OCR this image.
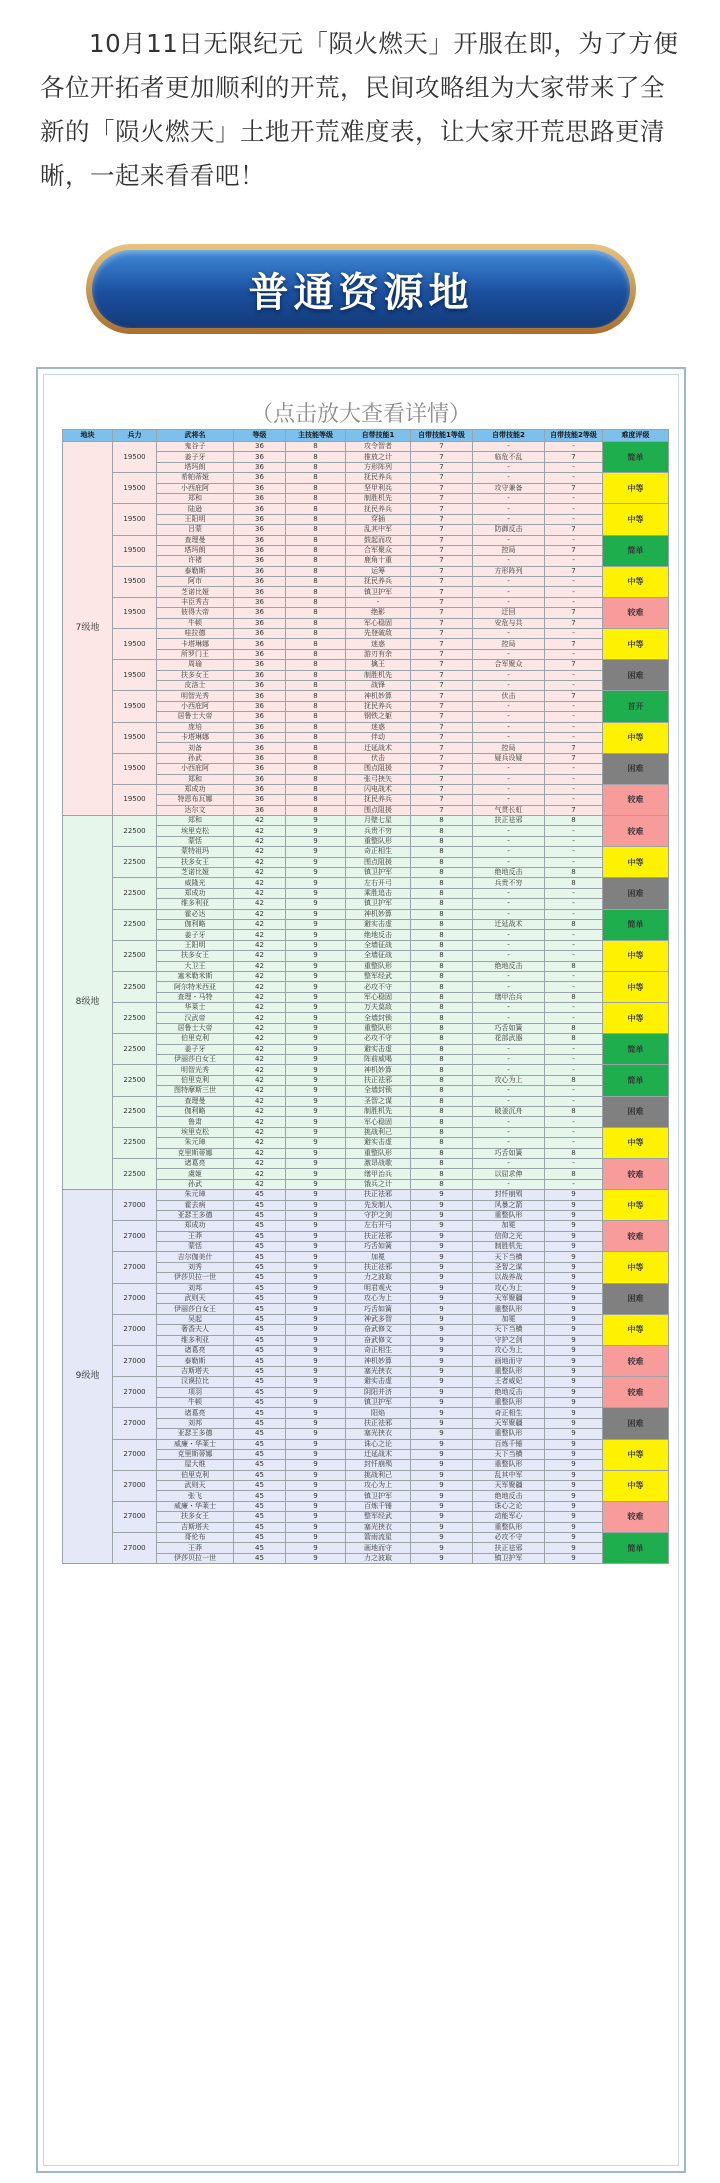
10月11日无限纪元「陨火燃天」开服在即，为了方便各位开拓者更加顺利的开荒，民间攻略组为大家带来了全新的「陨火燃天」土地开荒难度表，让大家开荒思路更清晰，一起来看看吧！
普通资源地
（点击放大查看详情）
地块	兵力	武将名	等级	主技能等级	自带技能1	自带技能1等级	自带技能2	自带技能2等级	难度评级
7级地	19500	鬼谷子	36	8	攻令智者	7	-	-	简单
		姜子牙	36	8	推放之计	7	临危不乱	7	
		塔玛朗	36	8	方形阵列	7	-	-	
	19500	希帕蒂娅	36	8	抚民养兵	7	-	-	中等
		小西庇阿	36	8	坚甲利兵	7	攻守兼备	7	
		郑和	36	8	制胜机先	7	-	-	
	19500	陆逊	36	8	抚民养兵	7	-	-	中等
		王阳明	36	8	穿插	7	-	-	
		吕蒙	36	8	乱其中军	7	防御反击	7	
	19500	查理曼	36	8	鼓起而攻	7	-	-	简单
		塔玛朗	36	8	合军聚众	7	控局	7	
		许褚	36	8	鹿角十重	7	-	-	
	19500	泰勒斯	36	8	运筹	7	方形阵列	7	中等
		阿市	36	8	抚民养兵	7	-	-	
		芝诺比娅	36	8	镇卫护军	7	-	-	
	19500	丰臣秀吉	36	8	-	7	-	-	较难
		彼得大帝	36	8	绝影	7	迂回	7	
		牛顿	36	8	军心稳固	7	安危与共	7	
	19500	哇拉德	36	8	先登破敌	7	-	-	中等
		卡塔琳娜	36	8	迷惑	7	控局	7	
		所罗门王	36	8	游刃有余	7	-	-	
	19500	周瑜	36	8	擒王	7	合军聚众	7	困难
		扶多女王	36	8	制胜机先	7	-	-	
		皮洛士	36	8	战锋	7	-	-	
	19500	明智光秀	36	8	神机妙算	7	伏击	7	首开
		小西庇阿	36	8	抚民养兵	7	-	-	
		居鲁士大帝	36	8	钢铁之躯	7	-	-	
	19500	庞培	36	8	迷惑	7	-	-	中等
		卡塔琳娜	36	8	伴动	7	-	-	
		刘备	36	8	迁延战术	7	控局	7	
	19500	孙武	36	8	伏击	7	疑兵设疑	7	困难
		小西庇阿	36	8	围点阻援	7	-	-	
		郑和	36	8	张弓挟矢	7	-	-	
	19500	郑成功	36	8	闪电战术	7	-	-	较难
		特恩布瓦娜	36	8	抚民养兵	7	-	-	
		达尔文	36	8	围点阻援	7	气贯长虹	7	
8级地	22500	郑和	42	9	月壁七星	8	扶正祛邪	8	较难
		埃里克松	42	9	兵贵不穷	8	-	-	
		蒙恬	42	9	重整队形	8	-	-	
	22500	蒙特祖玛	42	9	奇正相生	8	-	-	中等
		扶多女王	42	9	围点阻援	8	-	-	
		芝诺比娅	42	9	镇卫护军	8	绝地反击	8	
	22500	威隆光	42	9	左右开弓	8	兵贵不穷	8	困难
		郑成功	42	9	乘胜追击	8	-	-	
		维多利亚	42	9	镇卫护军	8	-	-	
	22500	霍必达	42	9	神机妙算	8	-	-	简单
		伽利略	42	9	避实击虚	8	迁延战术	8	
		姜子牙	42	9	绝地反击	8	-	-	
	22500	王阳明	42	9	全墙征战	8	-	-	中等
		扶多女王	42	9	全墙征战	8	-	-	
		大卫王	42	9	重整队形	8	绝地反击	8	
	22500	塞米勒米斯	42	9	整军经武	8	-	-	中等
		阿尔特米西亚	42	9	必攻不守	8	-	-	
		查理・马特	42	9	军心稳固	8	缮甲治兵	8	
	22500	华莱士	42	9	万夫莫敌	8	-	-	中等
		汉武帝	42	9	全墙封锁	8	-	-	
		居鲁士大帝	42	9	重整队形	8	巧舌如簧	8	
	22500	伯里克利	42	9	必攻不守	8	花部武器	8	简单
		姜子牙	42	9	避实击虚	8	-	-	
		伊丽莎白女王	42	9	阵前威喝	8	-	-	
	22500	明智光秀	42	9	神机妙算	8	-	-	简单
		伯里克利	42	9	扶正祛邪	8	攻心为上	8	
		图特摩斯三世	42	9	全墙封锁	8	-	-	
	22500	查理曼	42	9	圣智之谋	8	-	-	困难
		伽利略	42	9	制胜机先	8	破釜沉舟	8	
		鲁肃	42	9	军心稳固	8	-	-	
	22500	埃里克松	42	9	挑战利己	8	-	-	中等
		朱元璋	42	9	避实击虚	8	-	-	
		克里斯蒂娜	42	9	重整队形	8	巧舌如簧	8	
	22500	诸葛亮	42	9	激昂战歌	8	-	-	较难
		虞姬	42	9	缮甲治兵	8	以屈求伸	8	
		孙武	42	9	饿兵之计	8	-	-	
9级地	27000	朱元璋	45	9	扶正祛邪	9	封忏崩殒	9	中等
		霍去病	45	9	先发制人	9	风暴之箭	9	
		亚瑟王多德	45	9	守护之剑	9	重整队形	9	
	27000	郑成功	45	9	左右开弓	9	加冕	9	较难
		王莽	45	9	扶正祛邪	9	信仰之光	9	
		蒙恬	45	9	巧舌如簧	9	制胜机先	9	
	27000	吉尔伽美什	45	9	加冕	9	天下当横	9	中等
		刘秀	45	9	扶正祛邪	9	圣智之谋	9	
		伊莎贝拉一世	45	9	力之波取	9	以战养战	9	
	27000	刘邦	45	9	明君观火	9	攻心为上	9	困难
		武则天	45	9	攻心为上	9	天军聚疆	9	
		伊丽莎白女王	45	9	巧舌如簧	9	重整队形	9	
	27000	吴起	45	9	神武多智	9	加冕	9	中等
		奢香夫人	45	9	奋武修文	9	天下当横	9	
		维多利亚	45	9	奋武修文	9	守护之剑	9	
	27000	诸葛亮	45	9	奇正相生	9	攻心为上	9	较难
		泰勒斯	45	9	神机妙算	9	画地而守	9	
		吉斯塔夫	45	9	塞光挟衣	9	重整队形	9	
	27000	汉谟拉比	45	9	避实击虚	9	王者威妃	9	较难
		项羽	45	9	阴阳并济	9	绝地反击	9	
		牛顿	45	9	镇卫护军	9	重整队形	9	
	27000	诸葛亮	45	9	阳焰	9	奇正相生	9	困难
		刘邦	45	9	扶正祛邪	9	天军聚疆	9	
		亚瑟王多德	45	9	塞光挟衣	9	重整队形	9	
	27000	威廉・华莱士	45	9	诛心之论	9	百炼千锤	9	中等
		克里斯蒂娜	45	9	迁延战术	9	天下当横	9	
		屋大维	45	9	封忏崩殒	9	重整队形	9	
	27000	伯里克利	45	9	挑战利己	9	乱其中军	9	中等
		武则天	45	9	攻心为上	9	天军聚疆	9	
		张飞	45	9	镇卫护军	9	绝地反击	9	
	27000	威廉・华莱士	45	9	百炼千锤	9	诛心之论	9	较难
		扶多女王	45	9	整军经武	9	动能军心	9	
		吉斯塔夫	45	9	塞光挟衣	9	重整队形	9	
	27000	哥伦布	45	9	箭雨流星	9	必攻不守	9	简单
		王莽	45	9	画地而守	9	扶正祛邪	9	
		伊莎贝拉一世	45	9	力之波取	9	镇卫护军	9	
